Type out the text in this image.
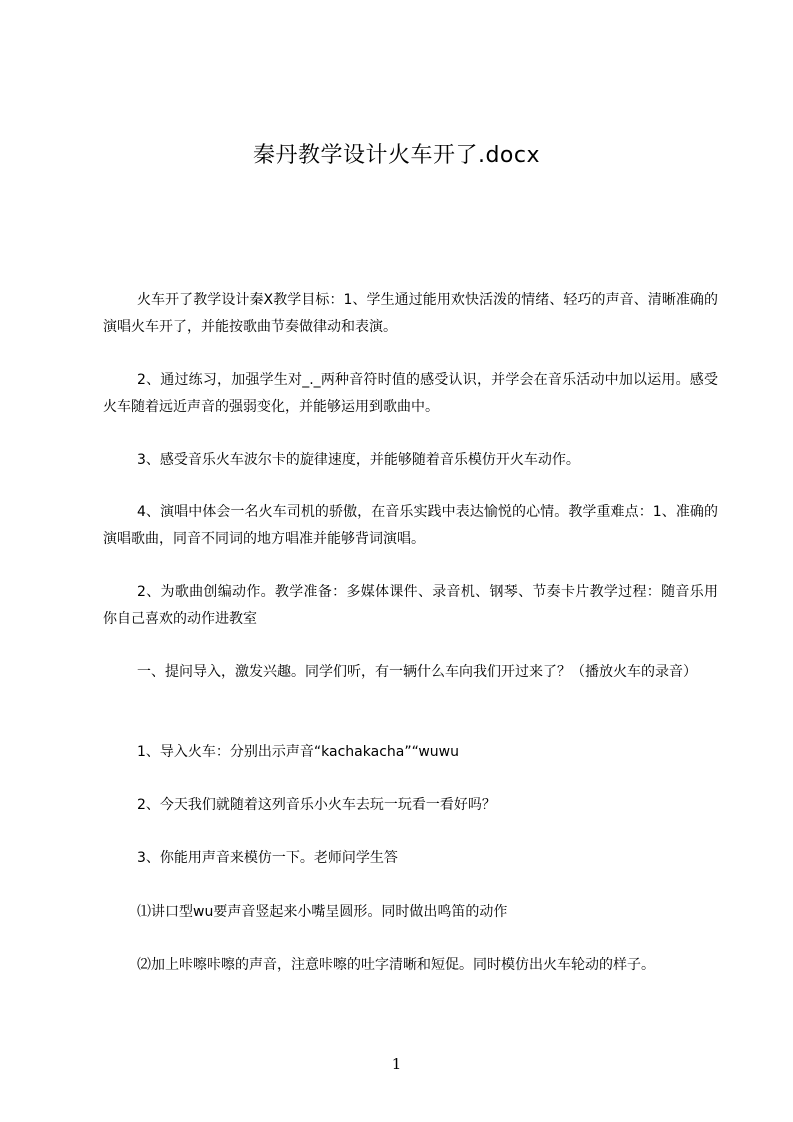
秦丹教学设计火车开了.docx

火车开了教学设计秦X教学目标：1、学生通过能用欢快活泼的情绪、轻巧的声音、清晰准确的演唱火车开了，并能按歌曲节奏做律动和表演。

2、通过练习，加强学生对_._两种音符时值的感受认识，并学会在音乐活动中加以运用。感受火车随着远近声音的强弱变化，并能够运用到歌曲中。

3、感受音乐火车波尔卡的旋律速度，并能够随着音乐模仿开火车动作。

4、演唱中体会一名火车司机的骄傲，在音乐实践中表达愉悦的心情。教学重难点：1、准确的演唱歌曲，同音不同词的地方唱准并能够背词演唱。

2、为歌曲创编动作。教学准备：多媒体课件、录音机、钢琴、节奏卡片教学过程：随音乐用你自己喜欢的动作进教室

一、提问导入，激发兴趣。同学们听，有一辆什么车向我们开过来了？（播放火车的录音）

1、导入火车：分别出示声音“kachakacha”“wuwu

2、今天我们就随着这列音乐小火车去玩一玩看一看好吗？

3、你能用声音来模仿一下。老师问学生答

⑴讲口型wu要声音竖起来小嘴呈圆形。同时做出鸣笛的动作

⑵加上咔嚓咔嚓的声音，注意咔嚓的吐字清晰和短促。同时模仿出火车轮动的样子。

1
